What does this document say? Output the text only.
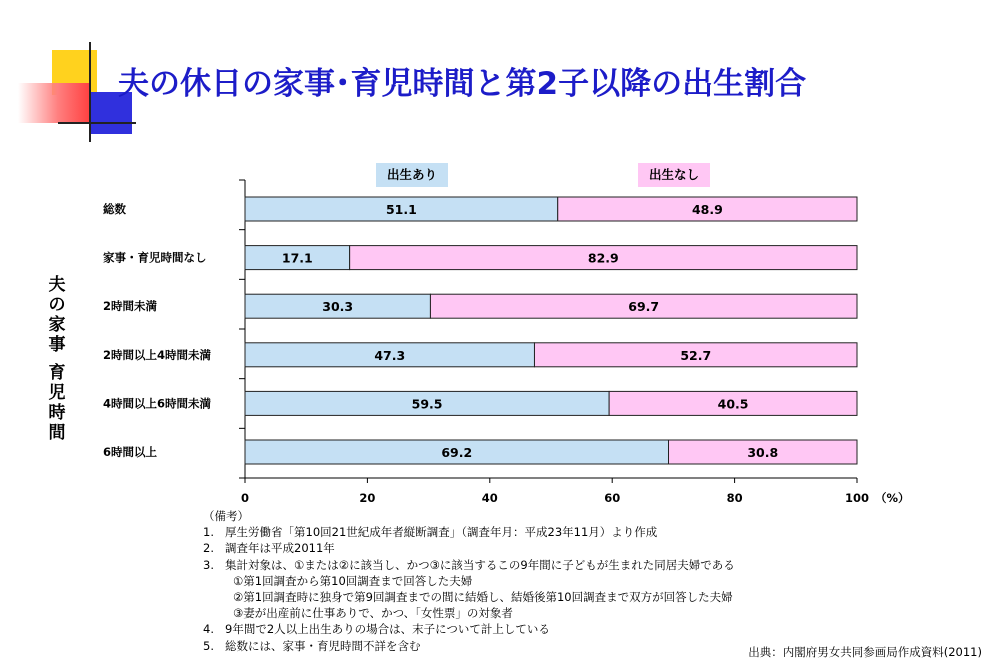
夫の休日の家事･育児時間と第2子以降の出生割合
夫
の
家
事
育
児
時
間
出生あり	出生なし
0	20	40	60	80	100 （%）
総数	51.1	48.9
家事・育児時間なし	17.1	82.9
2時間未満	30.3	69.7
2時間以上4時間未満	47.3	52.7
4時間以上6時間未満	59.5	40.5
6時間以上	69.2	30.8
（備考）
1. 厚生労働省「第10回21世紀成年者縦断調査」（調査年月：平成23年11月）より作成
2. 調査年は平成2011年
3. 集計対象は、①または②に該当し、かつ③に該当するこの9年間に子どもが生まれた同居夫婦である
①第1回調査から第10回調査まで回答した夫婦
②第1回調査時に独身で第9回調査までの間に結婚し、結婚後第10回調査まで双方が回答した夫婦
③妻が出産前に仕事ありで、かつ、「女性票」の対象者
4. 9年間で2人以上出生ありの場合は、末子について計上している
5. 総数には、家事・育児時間不詳を含む	出典：内閣府男女共同参画局作成資料(2011)
